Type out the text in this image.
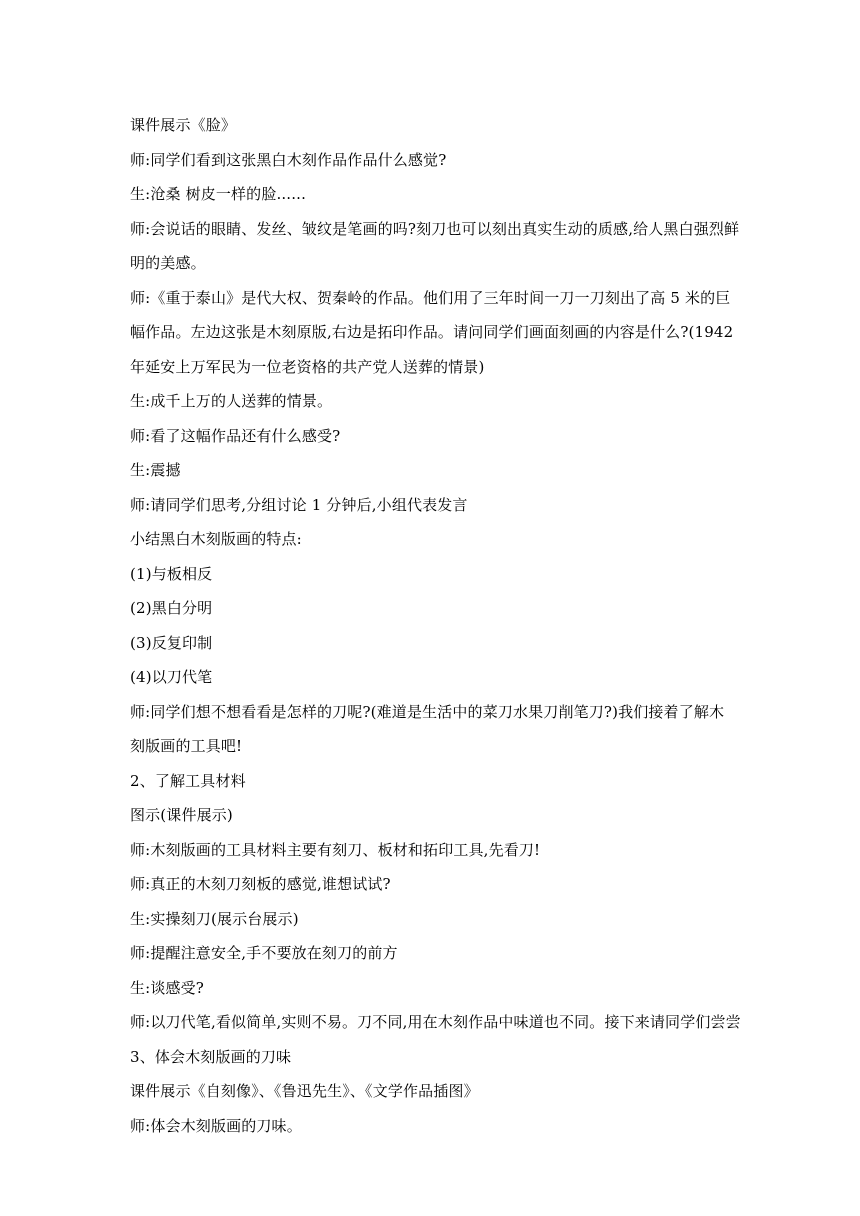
课件展示《脸》
师:同学们看到这张黑白木刻作品作品什么感觉?
生:沧桑 树皮一样的脸......
师:会说话的眼睛、发丝、皱纹是笔画的吗?刻刀也可以刻出真实生动的质感,给人黑白强烈鲜
明的美感。
师:《重于泰山》是代大权、贺秦岭的作品。他们用了三年时间一刀一刀刻出了高 5 米的巨
幅作品。左边这张是木刻原版,右边是拓印作品。请问同学们画面刻画的内容是什么?(1942
年延安上万军民为一位老资格的共产党人送葬的情景)
生:成千上万的人送葬的情景。
师:看了这幅作品还有什么感受?
生:震撼
师:请同学们思考,分组讨论 1 分钟后,小组代表发言
小结黑白木刻版画的特点:
(1)与板相反
(2)黑白分明
(3)反复印制
(4)以刀代笔
师:同学们想不想看看是怎样的刀呢?(难道是生活中的菜刀水果刀削笔刀?)我们接着了解木
刻版画的工具吧!
2、了解工具材料
图示(课件展示)
师:木刻版画的工具材料主要有刻刀、板材和拓印工具,先看刀!
师:真正的木刻刀刻板的感觉,谁想试试?
生:实操刻刀(展示台展示)
师:提醒注意安全,手不要放在刻刀的前方
生:谈感受?
师:以刀代笔,看似简单,实则不易。刀不同,用在木刻作品中味道也不同。接下来请同学们尝尝
3、体会木刻版画的刀味
课件展示《自刻像》、《鲁迅先生》、《文学作品插图》
师:体会木刻版画的刀味。
